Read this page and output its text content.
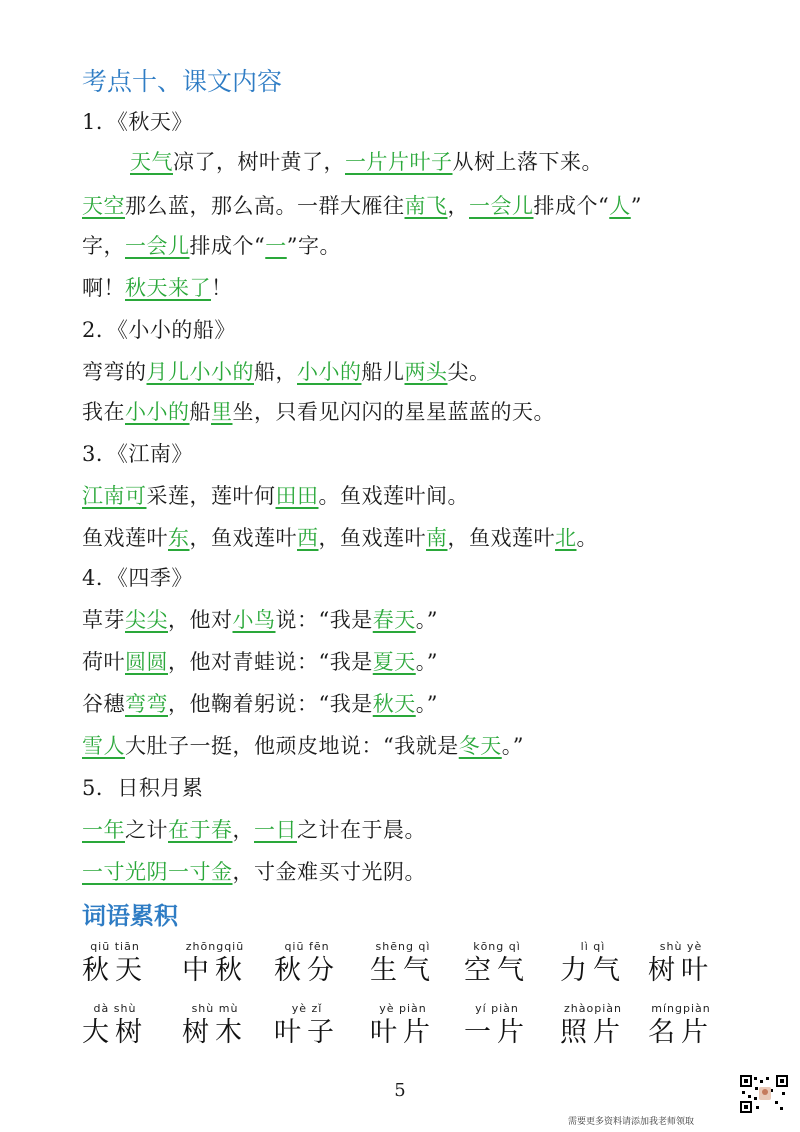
考点十、课文内容
1．《秋天》
天气凉了，树叶黄了，一片片叶子从树上落下来。
天空那么蓝，那么高。一群大雁往南飞，一会儿排成个“人”
字，一会儿排成个“一”字。
啊！秋天来了！
2．《小小的船》
弯弯的月儿小小的船，小小的船儿两头尖。
我在小小的船里坐，只看见闪闪的星星蓝蓝的天。
3．《江南》
江南可采莲，莲叶何田田。鱼戏莲叶间。
鱼戏莲叶东，鱼戏莲叶西，鱼戏莲叶南，鱼戏莲叶北。
4．《四季》
草芽尖尖，他对小鸟说：“我是春天。”
荷叶圆圆，他对青蛙说：“我是夏天。”
谷穗弯弯，他鞠着躬说：“我是秋天。”
雪人大肚子一挺，他顽皮地说：“我就是冬天。”
5．日积月累
一年之计在于春，一日之计在于晨。
一寸光阴一寸金，寸金难买寸光阴。
词语累积
qiū tiān
秋天
zhōngqiū
中秋
qiū fēn
秋分
shēng qì
生气
kōng qì
空气
lì qì
力气
shù yè
树叶
dà shù
大树
shù mù
树木
yè zǐ
叶子
yè piàn
叶片
yí piàn
一片
zhàopiàn
照片
míngpiàn
名片
5
需要更多资料请添加我老师领取
